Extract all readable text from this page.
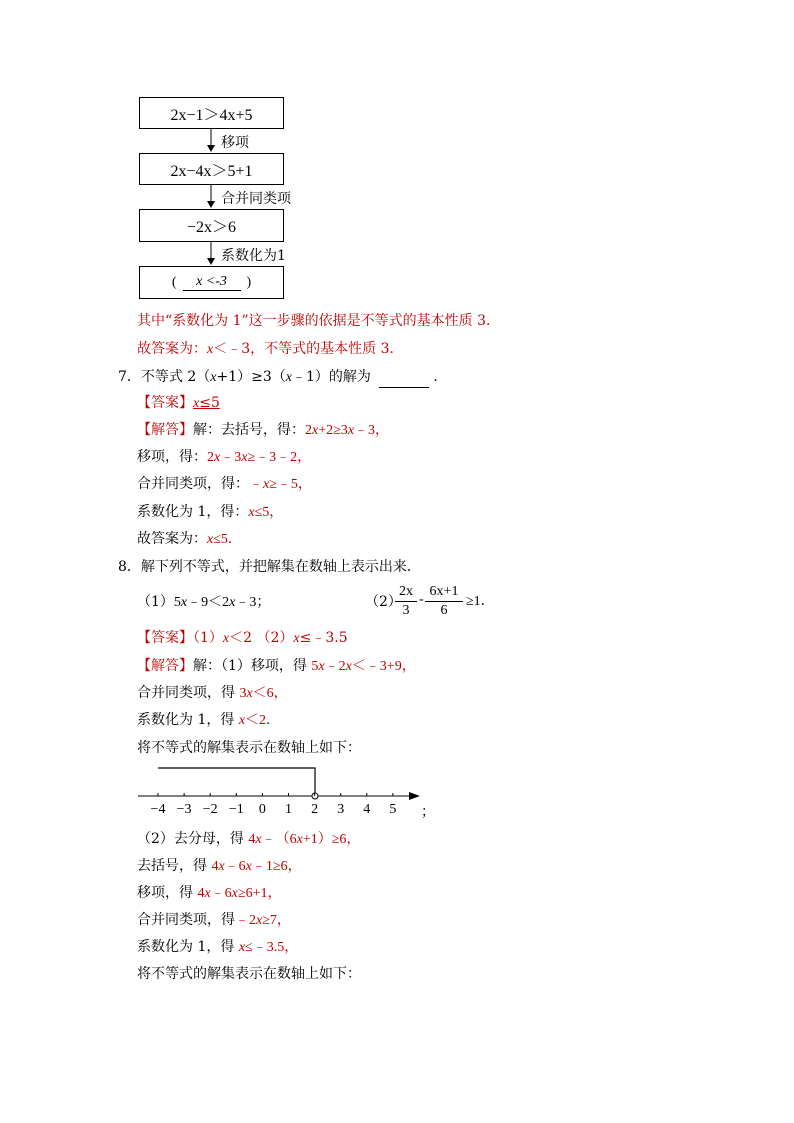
2x−1＞4x+5
移项
2x−4x＞5+1
合并同类项
−2x＞6
系数化为1
(	x <-3	)
其中“系数化为 1”这一步骤的依据是不等式的基本性质 3．
故答案为：x＜﹣3，不等式的基本性质 3．
7．不等式 2（x+1）≥3（x﹣1）的解为	．
【答案】x≤5
【解答】解：去括号，得：2x+2≥3x﹣3，
移项，得：2x﹣3x≥﹣3﹣2，
合并同类项，得：﹣x≥﹣5，
系数化为 1，得：x≤5，
故答案为：x≤5．
8．解下列不等式，并把解集在数轴上表示出来．
（1）5x﹣9＜2x﹣3；	（2）
2x
3
-
6x+1
6
≥1．
【答案】（1）x＜2 （2）x≤﹣3.5
【解答】解：（1）移项，得 5x﹣2x＜﹣3+9，
合并同类项，得 3x＜6，
系数化为 1，得 x＜2．
将不等式的解集表示在数轴上如下：
−4 −3 −2 −1 0 1 2 3 4 5 ；
（2）去分母，得 4x﹣（6x+1）≥6，
去括号，得 4x﹣6x﹣1≥6，
移项，得 4x﹣6x≥6+1，
合并同类项，得﹣2x≥7，
系数化为 1，得 x≤﹣3.5，
将不等式的解集表示在数轴上如下：
